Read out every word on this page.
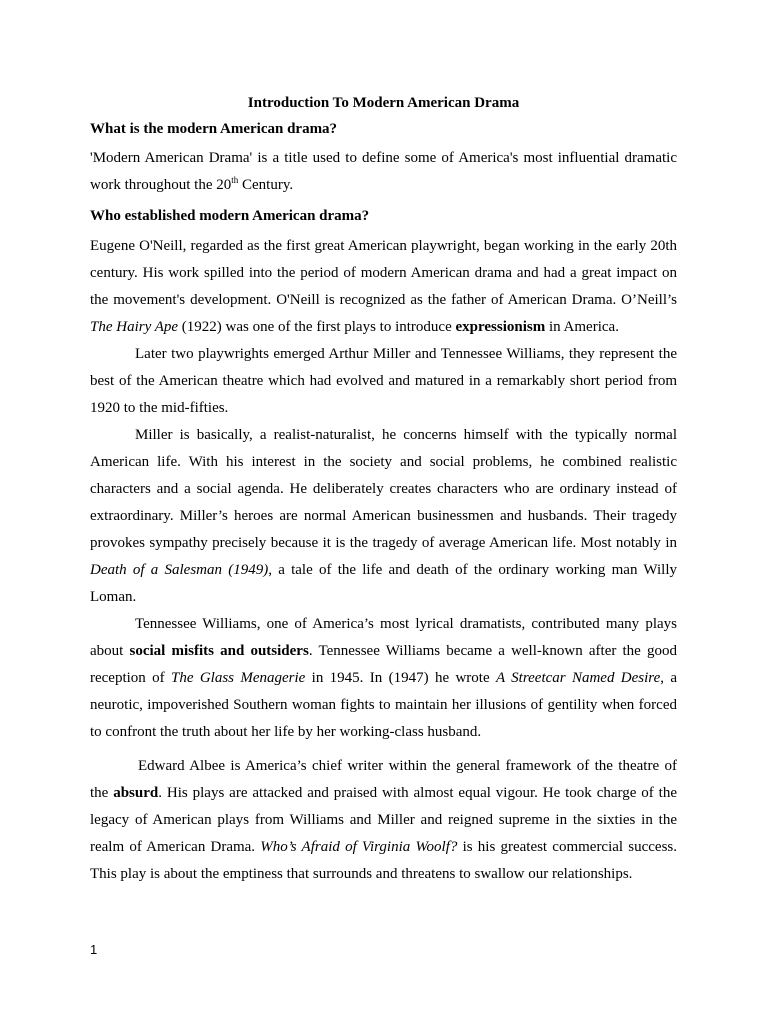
Introduction To Modern American Drama
What is the modern American drama?

'Modern American Drama' is a title used to define some of America's most influential dramatic work throughout the 20th Century.

Who established modern American drama?

Eugene O'Neill, regarded as the first great American playwright, began working in the early 20th century. His work spilled into the period of modern American drama and had a great impact on the movement's development. O'Neill is recognized as the father of American Drama. O’Neill’s The Hairy Ape (1922) was one of the first plays to introduce expressionism in America.

Later two playwrights emerged Arthur Miller and Tennessee Williams, they represent the best of the American theatre which had evolved and matured in a remarkably short period from 1920 to the mid-fifties.

Miller is basically, a realist-naturalist, he concerns himself with the typically normal American life. With his interest in the society and social problems, he combined realistic characters and a social agenda. He deliberately creates characters who are ordinary instead of extraordinary. Miller’s heroes are normal American businessmen and husbands. Their tragedy provokes sympathy precisely because it is the tragedy of average American life. Most notably in Death of a Salesman (1949), a tale of the life and death of the ordinary working man Willy Loman.

Tennessee Williams, one of America’s most lyrical dramatists, contributed many plays about social misfits and outsiders. Tennessee Williams became a well-known after the good reception of The Glass Menagerie in 1945. In (1947) he wrote A Streetcar Named Desire, a neurotic, impoverished Southern woman fights to maintain her illusions of gentility when forced to confront the truth about her life by her working-class husband.

Edward Albee is America’s chief writer within the general framework of the theatre of the absurd. His plays are attacked and praised with almost equal vigour. He took charge of the legacy of American plays from Williams and Miller and reigned supreme in the sixties in the realm of American Drama. Who’s Afraid of Virginia Woolf? is his greatest commercial success. This play is about the emptiness that surrounds and threatens to swallow our relationships.

1
